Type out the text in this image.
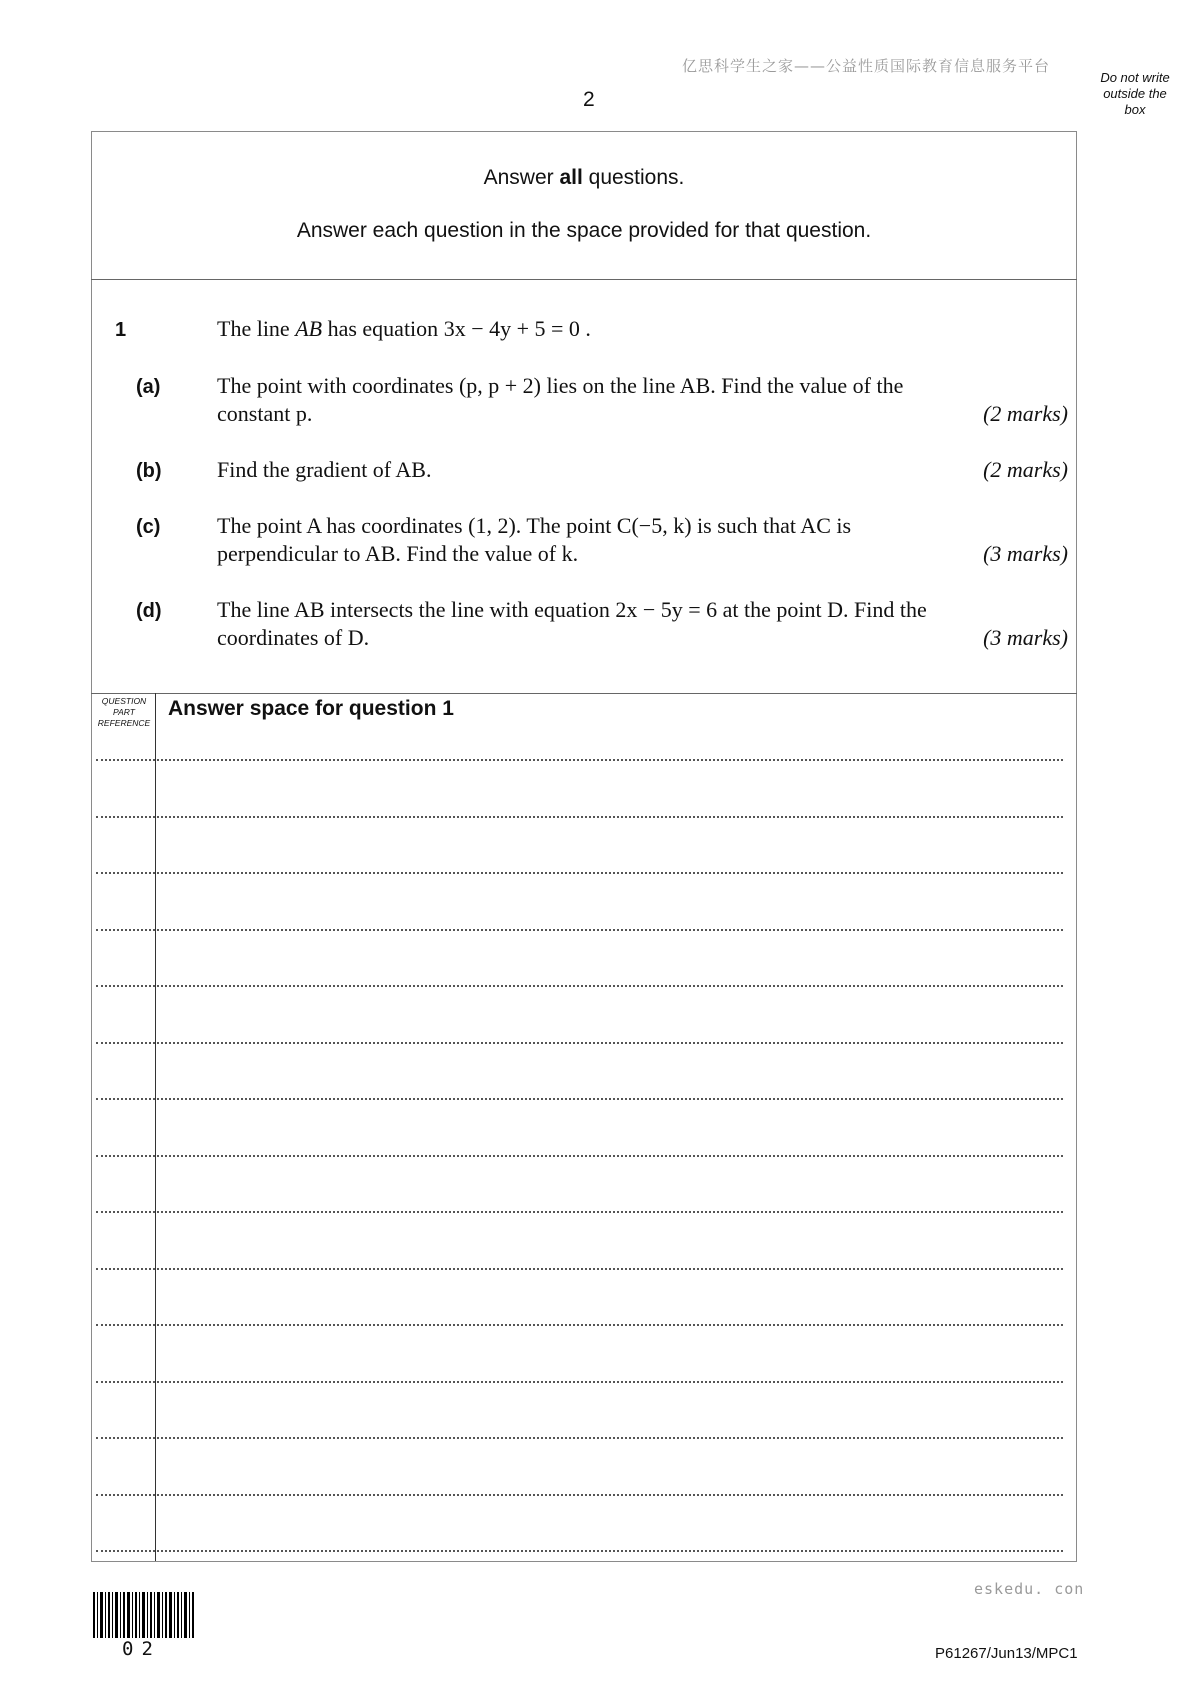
亿思科学生之家——公益性质国际教育信息服务平台
2
Do not write
outside the
box
Answer all questions.
Answer each question in the space provided for that question.
1	The line AB has equation 3x − 4y + 5 = 0 .
(a)	The point with coordinates (p, p + 2) lies on the line AB. Find the value of the
constant p.	(2 marks)
(b)	Find the gradient of AB.	(2 marks)
(c)	The point A has coordinates (1, 2). The point C(−5, k) is such that AC is
perpendicular to AB. Find the value of k.	(3 marks)
(d)	The line AB intersects the line with equation 2x − 5y = 6 at the point D. Find the
coordinates of D.	(3 marks)
QUESTION
PART
REFERENCE
Answer space for question 1
eskedu. con
02	P61267/Jun13/MPC1
